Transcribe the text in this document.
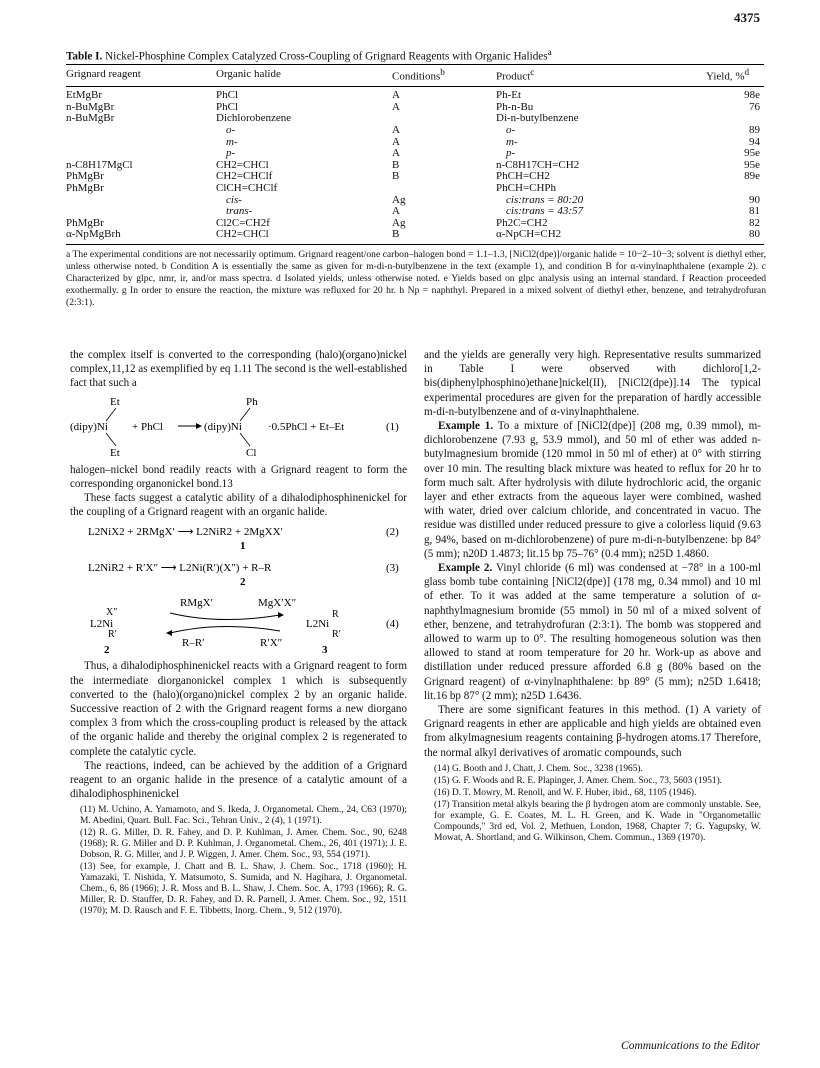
4375
Table I. Nickel-Phosphine Complex Catalyzed Cross-Coupling of Grignard Reagents with Organic Halides$^a$
Grignard reagent	Organic halide	Conditions$^b$	Product$^c$	Yield, %$^d$
EtMgBr	PhCl	A	Ph-Et	98e
n-BuMgBr	PhCl	A	Ph-n-Bu	76
n-BuMgBr	Dichlorobenzene		Di-n-butylbenzene	
	o-	A	o-	89
	m-	A	m-	94
	p-	A	p-	95e
n-C8H17MgCl	CH2=CHCl	B	n-C8H17CH=CH2	95e
PhMgBr	CH2=CHClf	B	PhCH=CH2	89e
PhMgBr	ClCH=CHClf		PhCH=CHPh	
	cis-	Ag	cis:trans = 80:20	90
	trans-	A	cis:trans = 43:57	81
PhMgBr	Cl2C=CH2f	Ag	Ph2C=CH2	82
α-NpMgBrh	CH2=CHCl	B	α-NpCH=CH2	80
a The experimental conditions are not necessarily optimum. Grignard reagent/one carbon–halogen bond = 1.1–1.3, [NiCl2(dpe)]/organic halide = 10−2–10−3; solvent is diethyl ether, unless otherwise noted. b Condition A is essentially the same as given for m-di-n-butylbenzene in the text (example 1), and condition B for α-vinylnaphthalene (example 2). c Characterized by glpc, nmr, ir, and/or mass spectra. d Isolated yields, unless otherwise noted. e Yields based on glpc analysis using an internal standard. f Reaction proceeded exothermally. g In order to ensure the reaction, the mixture was refluxed for 20 hr. h Np = naphthyl. Prepared in a mixed solvent of diethyl ether, benzene, and tetrahydrofuran (2:3:1).

the complex itself is converted to the corresponding (halo)(organo)nickel complex,11,12 as exemplified by eq 1.11 The second is the well-established fact that such a

Et
(dipy)Ni
Et
+ PhCl
Ph
(dipy)Ni
Cl
·0.5PhCl + Et–Et	(1)

halogen–nickel bond readily reacts with a Grignard reagent to form the corresponding organonickel bond.13

These facts suggest a catalytic ability of a dihalodiphosphinenickel for the coupling of a Grignard reagent with an organic halide.

L2NiX2 + 2RMgX′ ⟶ L2NiR2 + 2MgXX′	(2)
1
L2NiR2 + R′X″ ⟶ L2Ni(R′)(X″) + R–R	(3)
2
RMgX′	MgX′X″
X″
L2Ni
R′
R–R′	R′X″
R
L2Ni
R′
(4)
2	3

Thus, a dihalodiphosphinenickel reacts with a Grignard reagent to form the intermediate diorganonickel complex 1 which is subsequently converted to the (halo)(organo)nickel complex 2 by an organic halide. Successive reaction of 2 with the Grignard reagent forms a new diorgano complex 3 from which the cross-coupling product is released by the attack of the organic halide and thereby the original complex 2 is regenerated to complete the catalytic cycle.

The reactions, indeed, can be achieved by the addition of a Grignard reagent to an organic halide in the presence of a catalytic amount of a dihalodiphosphinenickel

(11) M. Uchino, A. Yamamoto, and S. Ikeda, J. Organometal. Chem., 24, C63 (1970); M. Abedini, Quart. Bull. Fac. Sci., Tehran Univ., 2 (4), 1 (1971).

(12) R. G. Miller, D. R. Fahey, and D. P. Kuhlman, J. Amer. Chem. Soc., 90, 6248 (1968); R. G. Miller and D. P. Kuhlman, J. Organometal. Chem., 26, 401 (1971); J. E. Dobson, R. G. Miller, and J. P. Wiggen, J. Amer. Chem. Soc., 93, 554 (1971).

(13) See, for example, J. Chatt and B. L. Shaw, J. Chem. Soc., 1718 (1960); H. Yamazaki, T. Nishida, Y. Matsumoto, S. Sumida, and N. Hagihara, J. Organometal. Chem., 6, 86 (1966); J. R. Moss and B. L. Shaw, J. Chem. Soc. A, 1793 (1966); R. G. Miller, R. D. Stauffer, D. R. Fahey, and D. R. Parnell, J. Amer. Chem. Soc., 92, 1511 (1970); M. D. Rausch and F. E. Tibbetts, Inorg. Chem., 9, 512 (1970).

and the yields are generally very high. Representative results summarized in Table I were observed with dichloro[1,2-bis(diphenylphosphino)ethane]nickel(II), [NiCl2(dpe)].14 The typical experimental procedures are given for the preparation of hardly accessible m-di-n-butylbenzene and of α-vinylnaphthalene.

Example 1. To a mixture of [NiCl2(dpe)] (208 mg, 0.39 mmol), m-dichlorobenzene (7.93 g, 53.9 mmol), and 50 ml of ether was added n-butylmagnesium bromide (120 mmol in 50 ml of ether) at 0° with stirring over 10 min. The resulting black mixture was heated to reflux for 20 hr to form much salt. After hydrolysis with dilute hydrochloric acid, the organic layer and ether extracts from the aqueous layer were combined, washed with water, dried over calcium chloride, and concentrated in vacuo. The residue was distilled under reduced pressure to give a colorless liquid (9.63 g, 94%, based on m-dichlorobenzene) of pure m-di-n-butylbenzene: bp 84° (5 mm); n20D 1.4873; lit.15 bp 75–76° (0.4 mm); n25D 1.4860.

Example 2. Vinyl chloride (6 ml) was condensed at −78° in a 100-ml glass bomb tube containing [NiCl2(dpe)] (178 mg, 0.34 mmol) and 10 ml of ether. To it was added at the same temperature a solution of α-naphthylmagnesium bromide (55 mmol) in 50 ml of a mixed solvent of ether, benzene, and tetrahydrofuran (2:3:1). The bomb was stoppered and allowed to warm up to 0°. The resulting homogeneous solution was then allowed to stand at room temperature for 20 hr. Work-up as above and distillation under reduced pressure afforded 6.8 g (80% based on the Grignard reagent) of α-vinylnaphthalene: bp 89° (5 mm); n25D 1.6418; lit.16 bp 87° (2 mm); n25D 1.6436.

There are some significant features in this method. (1) A variety of Grignard reagents in ether are applicable and high yields are obtained even from alkylmagnesium reagents containing β-hydrogen atoms.17 Therefore, the normal alkyl derivatives of aromatic compounds, such

(14) G. Booth and J. Chatt, J. Chem. Soc., 3238 (1965).

(15) G. F. Woods and R. E. Plapinger, J. Amer. Chem. Soc., 73, 5603 (1951).

(16) D. T. Mowry, M. Renoll, and W. F. Huber, ibid., 68, 1105 (1946).

(17) Transition metal alkyls bearing the β hydrogen atom are commonly unstable. See, for example, G. E. Coates, M. L. H. Green, and K. Wade in "Organometallic Compounds," 3rd ed, Vol. 2, Methuen, London, 1968, Chapter 7; G. Yagupsky, W. Mowat, A. Shortland, and G. Wilkinson, Chem. Commun., 1369 (1970).

Communications to the Editor
